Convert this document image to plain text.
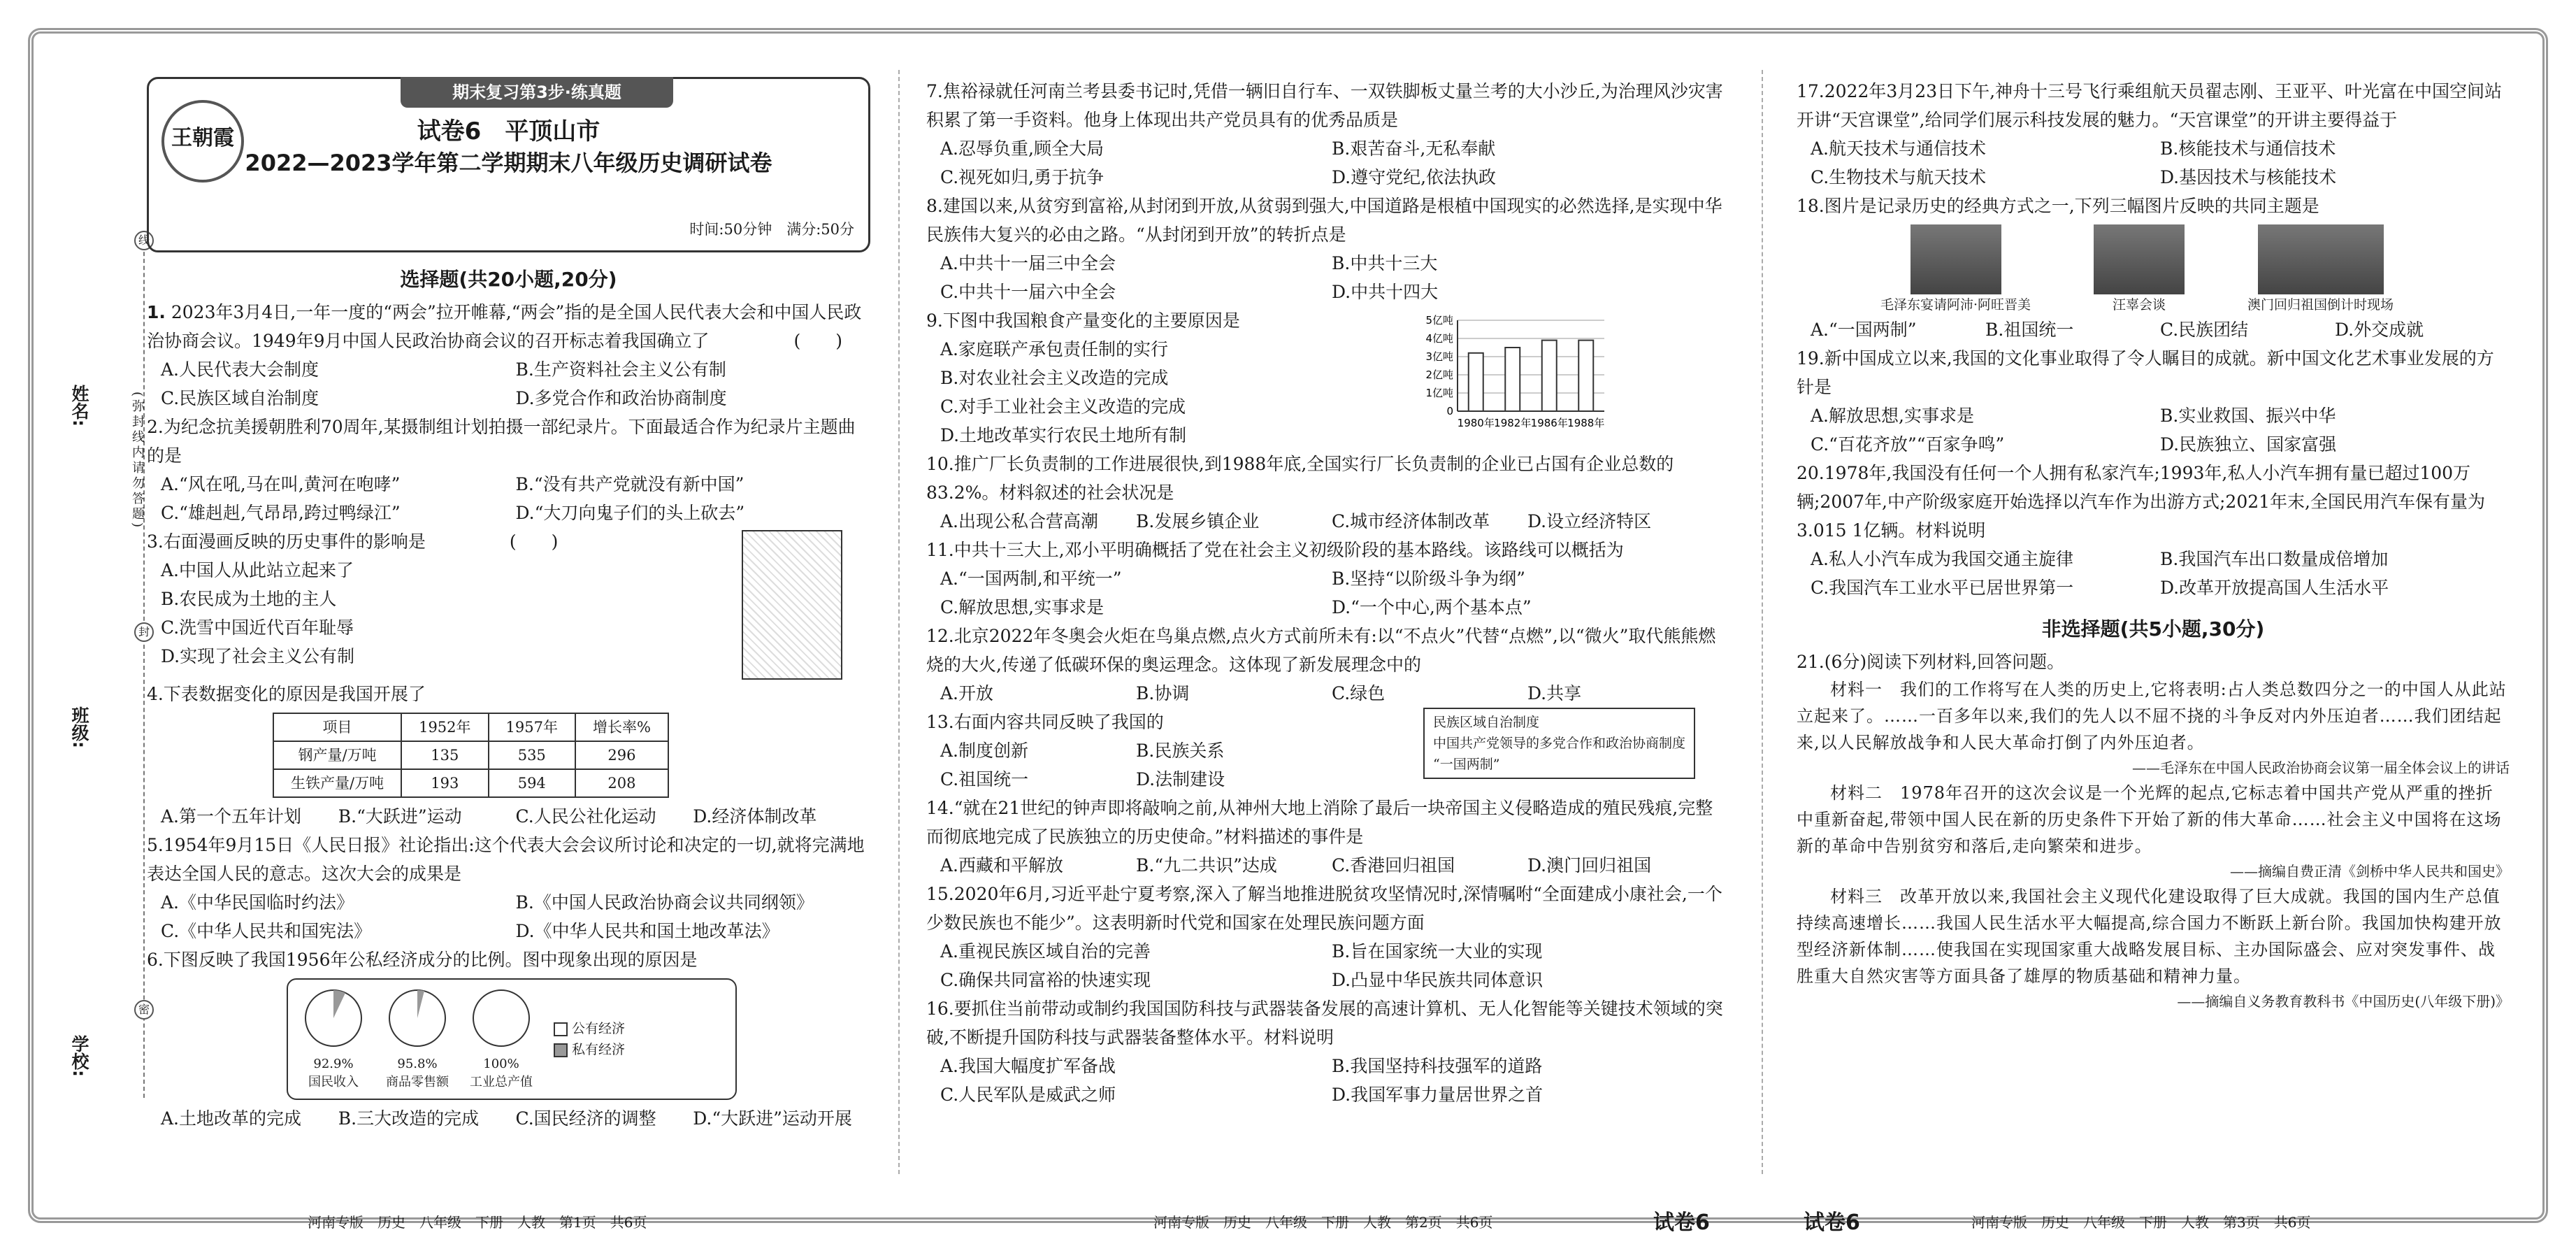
姓名:
班级:
学校:
线
封
密
(弥封线内请勿答题)
期末复习第3步·练真题
王朝霞	试卷6　平顶山市
2022—2023学年第二学期期末八年级历史调研试卷
时间:50分钟　满分:50分
选择题(共20小题,20分)

1. 2023年3月4日,一年一度的“两会”拉开帷幕,“两会”指的是全国人民代表大会和中国人民政治协商会议。1949年9月中国人民政治协商会议的召开标志着我国确立了	(　　)

A.人民代表大会制度	B.生产资料社会主义公有制
C.民族区域自治制度	D.多党合作和政治协商制度

2.为纪念抗美援朝胜利70周年,某摄制组计划拍摄一部纪录片。下面最适合作为纪录片主题曲的是

A.“风在吼,马在叫,黄河在咆哮”	B.“没有共产党就没有新中国”
C.“雄赳赳,气昂昂,跨过鸭绿江”	D.“大刀向鬼子们的头上砍去”

3.右面漫画反映的历史事件的影响是	(　　)

A.中国人从此站立起来了
B.农民成为土地的主人
C.洗雪中国近代百年耻辱
D.实现了社会主义公有制

4.下表数据变化的原因是我国开展了

项目	1952年	1957年	增长率%
钢产量/万吨	135	535	296
生铁产量/万吨	193	594	208
A.第一个五年计划	B.“大跃进”运动	C.人民公社化运动	D.经济体制改革

5.1954年9月15日《人民日报》社论指出:这个代表大会会议所讨论和决定的一切,就将完满地表达全国人民的意志。这次大会的成果是

A.《中华民国临时约法》	B.《中国人民政治协商会议共同纲领》
C.《中华人民共和国宪法》	D.《中华人民共和国土地改革法》

6.下图反映了我国1956年公私经济成分的比例。图中现象出现的原因是

92.9%
国民收入
95.8%
商品零售额
100%
工业总产值
公有经济
私有经济
A.土地改革的完成	B.三大改造的完成	C.国民经济的调整	D.“大跃进”运动开展

7.焦裕禄就任河南兰考县委书记时,凭借一辆旧自行车、一双铁脚板丈量兰考的大小沙丘,为治理风沙灾害积累了第一手资料。他身上体现出共产党员具有的优秀品质是

A.忍辱负重,顾全大局	B.艰苦奋斗,无私奉献
C.视死如归,勇于抗争	D.遵守党纪,依法执政

8.建国以来,从贫穷到富裕,从封闭到开放,从贫弱到强大,中国道路是根植中国现实的必然选择,是实现中华民族伟大复兴的必由之路。“从封闭到开放”的转折点是

A.中共十一届三中全会	B.中共十三大
C.中共十一届六中全会	D.中共十四大
0
1亿吨
2亿吨
3亿吨
4亿吨
5亿吨
1980年 1982年 1986年 1988年

9.下图中我国粮食产量变化的主要原因是

A.家庭联产承包责任制的实行
B.对农业社会主义改造的完成
C.对手工业社会主义改造的完成
D.土地改革实行农民土地所有制

10.推广厂长负责制的工作进展很快,到1988年底,全国实行厂长负责制的企业已占国有企业总数的83.2%。材料叙述的社会状况是

A.出现公私合营高潮	B.发展乡镇企业	C.城市经济体制改革	D.设立经济特区

11.中共十三大上,邓小平明确概括了党在社会主义初级阶段的基本路线。该路线可以概括为

A.“一国两制,和平统一”	B.坚持“以阶级斗争为纲”
C.解放思想,实事求是	D.“一个中心,两个基本点”

12.北京2022年冬奥会火炬在鸟巢点燃,点火方式前所未有:以“不点火”代替“点燃”,以“微火”取代熊熊燃烧的大火,传递了低碳环保的奥运理念。这体现了新发展理念中的

A.开放	B.协调	C.绿色	D.共享
民族区域自治制度
中国共产党领导的多党合作和政治协商制度
“一国两制”

13.右面内容共同反映了我国的

A.制度创新	B.民族关系
C.祖国统一	D.法制建设

14.“就在21世纪的钟声即将敲响之前,从神州大地上消除了最后一块帝国主义侵略造成的殖民残痕,完整而彻底地完成了民族独立的历史使命。”材料描述的事件是

A.西藏和平解放	B.“九二共识”达成	C.香港回归祖国	D.澳门回归祖国

15.2020年6月,习近平赴宁夏考察,深入了解当地推进脱贫攻坚情况时,深情嘱咐“全面建成小康社会,一个少数民族也不能少”。这表明新时代党和国家在处理民族问题方面

A.重视民族区域自治的完善	B.旨在国家统一大业的实现
C.确保共同富裕的快速实现	D.凸显中华民族共同体意识

16.要抓住当前带动或制约我国国防科技与武器装备发展的高速计算机、无人化智能等关键技术领域的突破,不断提升国防科技与武器装备整体水平。材料说明

A.我国大幅度扩军备战	B.我国坚持科技强军的道路
C.人民军队是威武之师	D.我国军事力量居世界之首

17.2022年3月23日下午,神舟十三号飞行乘组航天员翟志刚、王亚平、叶光富在中国空间站开讲“天宫课堂”,给同学们展示科技发展的魅力。“天宫课堂”的开讲主要得益于

A.航天技术与通信技术	B.核能技术与通信技术
C.生物技术与航天技术	D.基因技术与核能技术

18.图片是记录历史的经典方式之一,下列三幅图片反映的共同主题是

毛泽东宴请阿沛·阿旺晋美	汪辜会谈	澳门回归祖国倒计时现场
A.“一国两制”	B.祖国统一	C.民族团结	D.外交成就

19.新中国成立以来,我国的文化事业取得了令人瞩目的成就。新中国文化艺术事业发展的方针是

A.解放思想,实事求是	B.实业救国、振兴中华
C.“百花齐放”“百家争鸣”	D.民族独立、国家富强

20.1978年,我国没有任何一个人拥有私家汽车;1993年,私人小汽车拥有量已超过100万辆;2007年,中产阶级家庭开始选择以汽车作为出游方式;2021年末,全国民用汽车保有量为3.015 1亿辆。材料说明

A.私人小汽车成为我国交通主旋律	B.我国汽车出口数量成倍增加
C.我国汽车工业水平已居世界第一	D.改革开放提高国人生活水平
非选择题(共5小题,30分)

21.(6分)阅读下列材料,回答问题。

材料一　我们的工作将写在人类的历史上,它将表明:占人类总数四分之一的中国人从此站立起来了。……一百多年以来,我们的先人以不屈不挠的斗争反对内外压迫者……我们团结起来,以人民解放战争和人民大革命打倒了内外压迫者。
——毛泽东在中国人民政治协商会议第一届全体会议上的讲话
材料二　1978年召开的这次会议是一个光辉的起点,它标志着中国共产党从严重的挫折中重新奋起,带领中国人民在新的历史条件下开始了新的伟大革命……社会主义中国将在这场新的革命中告别贫穷和落后,走向繁荣和进步。
——摘编自费正清《剑桥中华人民共和国史》
材料三　改革开放以来,我国社会主义现代化建设取得了巨大成就。我国的国内生产总值持续高速增长……我国人民生活水平大幅提高,综合国力不断跃上新台阶。我国加快构建开放型经济新体制……使我国在实现国家重大战略发展目标、主办国际盛会、应对突发事件、战胜重大自然灾害等方面具备了雄厚的物质基础和精神力量。
——摘编自义务教育教科书《中国历史(八年级下册)》
河南专版　历史　八年级　下册　人教　第1页　共6页	河南专版　历史　八年级　下册　人教　第2页　共6页	试卷6	试卷6	河南专版　历史　八年级　下册　人教　第3页　共6页
